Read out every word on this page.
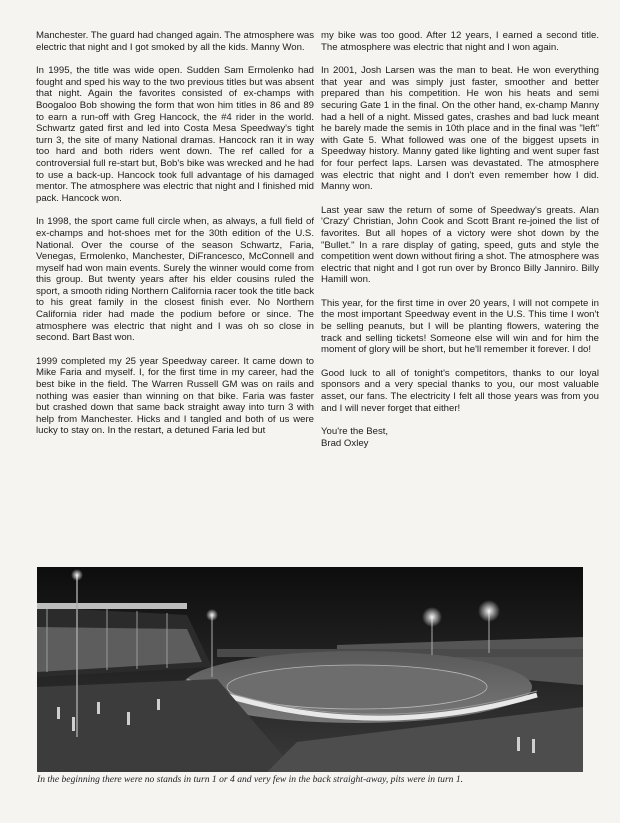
Manchester. The guard had changed again. The atmosphere was electric that night and I got smoked by all the kids. Manny Won.

In 1995, the title was wide open. Sudden Sam Ermolenko had fought and sped his way to the two previous titles but was absent that night. Again the favorites consisted of ex-champs with Boogaloo Bob showing the form that won him titles in 86 and 89 to earn a run-off with Greg Hancock, the #4 rider in the world. Schwartz gated first and led into Costa Mesa Speedway's tight turn 3, the site of many National dramas. Hancock ran it in way too hard and both riders went down. The ref called for a controversial full re-start but, Bob's bike was wrecked and he had to use a back-up. Hancock took full advantage of his damaged mentor. The atmosphere was electric that night and I finished mid pack. Hancock won.

In 1998, the sport came full circle when, as always, a full field of ex-champs and hot-shoes met for the 30th edition of the U.S. National. Over the course of the season Schwartz, Faria, Venegas, Ermolenko, Manchester, DiFrancesco, McConnell and myself had won main events. Surely the winner would come from this group. But twenty years after his elder cousins ruled the sport, a smooth riding Northern California racer took the title back to his great family in the closest finish ever. No Northern California rider had made the podium before or since. The atmosphere was electric that night and I was oh so close in second. Bart Bast won.

1999 completed my 25 year Speedway career. It came down to Mike Faria and myself. I, for the first time in my career, had the best bike in the field. The Warren Russell GM was on rails and nothing was easier than winning on that bike. Faria was faster but crashed down that same back straight away into turn 3 with help from Manchester. Hicks and I tangled and both of us were lucky to stay on. In the restart, a detuned Faria led but

my bike was too good. After 12 years, I earned a second title. The atmosphere was electric that night and I won again.

In 2001, Josh Larsen was the man to beat. He won everything that year and was simply just faster, smoother and better prepared than his competition. He won his heats and semi securing Gate 1 in the final. On the other hand, ex-champ Manny had a hell of a night. Missed gates, crashes and bad luck meant he barely made the semis in 10th place and in the final was "left" with Gate 5. What followed was one of the biggest upsets in Speedway history. Manny gated like lighting and went super fast for four perfect laps. Larsen was devastated. The atmosphere was electric that night and I don't even remember how I did. Manny won.

Last year saw the return of some of Speedway's greats. Alan 'Crazy' Christian, John Cook and Scott Brant re-joined the list of favorites. But all hopes of a victory were shot down by the "Bullet." In a rare display of gating, speed, guts and style the competition went down without firing a shot. The atmosphere was electric that night and I got run over by Bronco Billy Janniro. Billy Hamill won.

This year, for the first time in over 20 years, I will not compete in the most important Speedway event in the U.S. This time I won't be selling peanuts, but I will be planting flowers, watering the track and selling tickets! Someone else will win and for him the moment of glory will be short, but he'll remember it forever. I do!

Good luck to all of tonight's competitors, thanks to our loyal sponsors and a very special thanks to you, our most valuable asset, our fans. The electricity I felt all those years was from you and I will never forget that either!

You're the Best,

Brad Oxley

In the beginning there were no stands in turn 1 or 4 and very few in the back straight-away, pits were in turn 1.
